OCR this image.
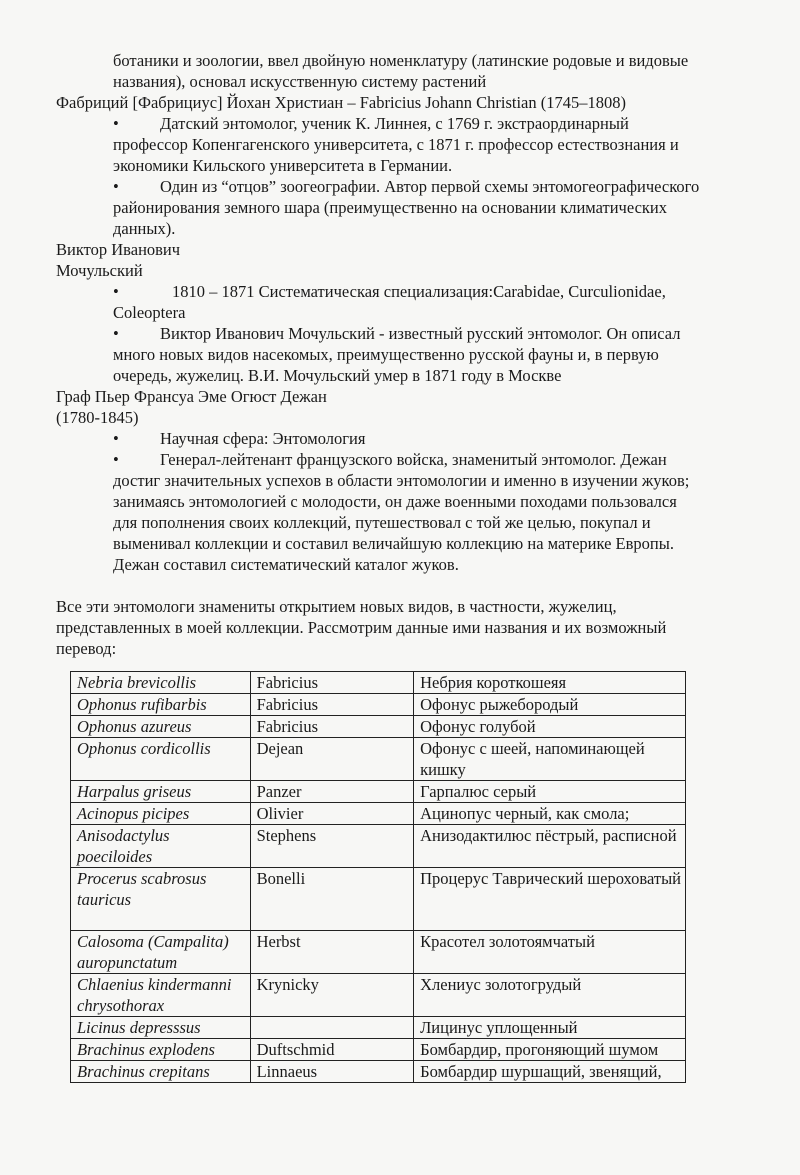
ботаники и зоологии, ввел двойную номенклатуру (латинские родовые и видовые
названия), основал искусственную систему растений
Фабриций [Фабрициус] Йохан Христиан – Fabricius Johann Christian (1745–1808)
• Датский энтомолог, ученик К. Линнея, с 1769 г. экстраординарный
профессор Копенгагенского университета, с 1871 г. профессор естествознания и
экономики Кильского университета в Германии.
• Один из “отцов” зоогеографии. Автор первой схемы энтомогеографического
районирования земного шара (преимущественно на основании климатических
данных).
Виктор Иванович
Мочульский
•	1810 – 1871 Систематическая специализация:Carabidae, Curculionidae,
Coleoptera
• Виктор Иванович Мочульский - известный русский энтомолог. Он описал
много новых видов насекомых, преимущественно русской фауны и, в первую
очередь, жужелиц. В.И. Мочульский умер в 1871 году в Москве
Граф Пьер Франсуа Эме Огюст Дежан
(1780-1845)
• Научная сфера: Энтомология
• Генерал-лейтенант французского войска, знаменитый энтомолог. Дежан
достиг значительных успехов в области энтомологии и именно в изучении жуков;
занимаясь энтомологией с молодости, он даже военными походами пользовался
для пополнения своих коллекций, путешествовал с той же целью, покупал и
выменивал коллекции и составил величайшую коллекцию на материке Европы.
Дежан составил систематический каталог жуков.
Все эти энтомологи знамениты открытием новых видов, в частности, жужелиц,
представленных в моей коллекции. Рассмотрим данные ими названия и их возможный
перевод:
Nebria brevicollis	Fabricius	Небрия короткошеяя
Ophonus rufibarbis	Fabricius	Офонус рыжебородый
Ophonus azureus	Fabricius	Офонус голубой
Ophonus cordicollis	Dejean	Офонус с шеей, напоминающей кишку
Harpalus griseus	Panzer	Гарпалюс серый
Acinopus picipes	Olivier	Ацинопус черный, как смола;
Anisodactylus poeciloides	Stephens	Анизодактилюс пёстрый, расписной
Procerus scabrosus tauricus	Bonelli	Процерус Таврический шероховатый
Calosoma (Campalita) auropunctatum	Herbst	Красотел золотоямчатый
Chlaenius kindermanni chrysothorax	Krynicky	Хлениус золотогрудый
Licinus depresssus		Лицинус уплощенный
Brachinus explodens	Duftschmid	Бомбардир, прогоняющий шумом
Brachinus crepitans	Linnaeus	Бомбардир шуршащий, звенящий,
